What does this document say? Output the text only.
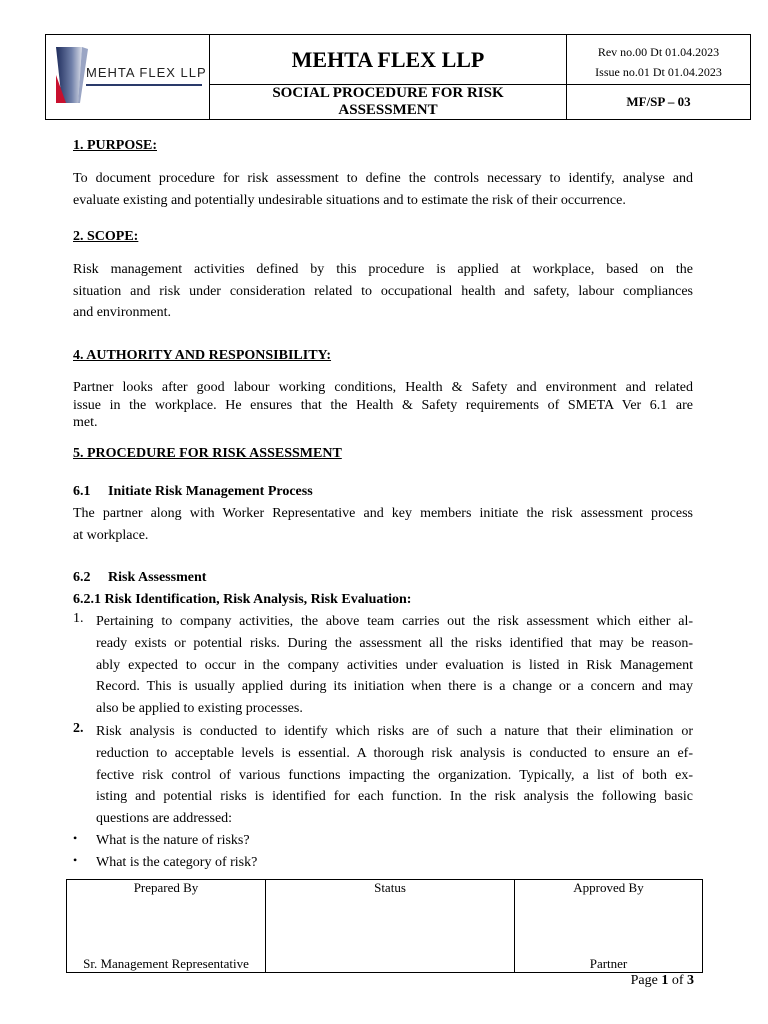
MEHTA FLEX LLP
MEHTA FLEX LLP	Rev no.00 Dt 01.04.2023
Issue no.01 Dt 01.04.2023
SOCIAL PROCEDURE FOR RISK
ASSESSMENT
MF/SP – 03
1. PURPOSE:
To document procedure for risk assessment to define the controls necessary to identify, analyse and
evaluate existing and potentially undesirable situations and to estimate the risk of their occurrence.
2. SCOPE:
Risk management activities defined by this procedure is applied at workplace, based on the
situation and risk under consideration related to occupational health and safety, labour compliances
and environment.
4. AUTHORITY AND RESPONSIBILITY:
Partner looks after good labour working conditions, Health & Safety and environment and related
issue in the workplace. He ensures that the Health & Safety requirements of SMETA Ver 6.1 are
met.
5. PROCEDURE FOR RISK ASSESSMENT
6.1 Initiate Risk Management Process
The partner along with Worker Representative and key members initiate the risk assessment process
at workplace.
6.2 Risk Assessment
6.2.1 Risk Identification, Risk Analysis, Risk Evaluation:
1. Pertaining to company activities, the above team carries out the risk assessment which either al-
ready exists or potential risks. During the assessment all the risks identified that may be reason-
ably expected to occur in the company activities under evaluation is listed in Risk Management
Record. This is usually applied during its initiation when there is a change or a concern and may
also be applied to existing processes.
2. Risk analysis is conducted to identify which risks are of such a nature that their elimination or
reduction to acceptable levels is essential. A thorough risk analysis is conducted to ensure an ef-
fective risk control of various functions impacting the organization. Typically, a list of both ex-
isting and potential risks is identified for each function. In the risk analysis the following basic
questions are addressed:
• What is the nature of risks?
• What is the category of risk?
Prepared By
Sr. Management Representative
Status	Approved By
Partner
Page 1 of 3
